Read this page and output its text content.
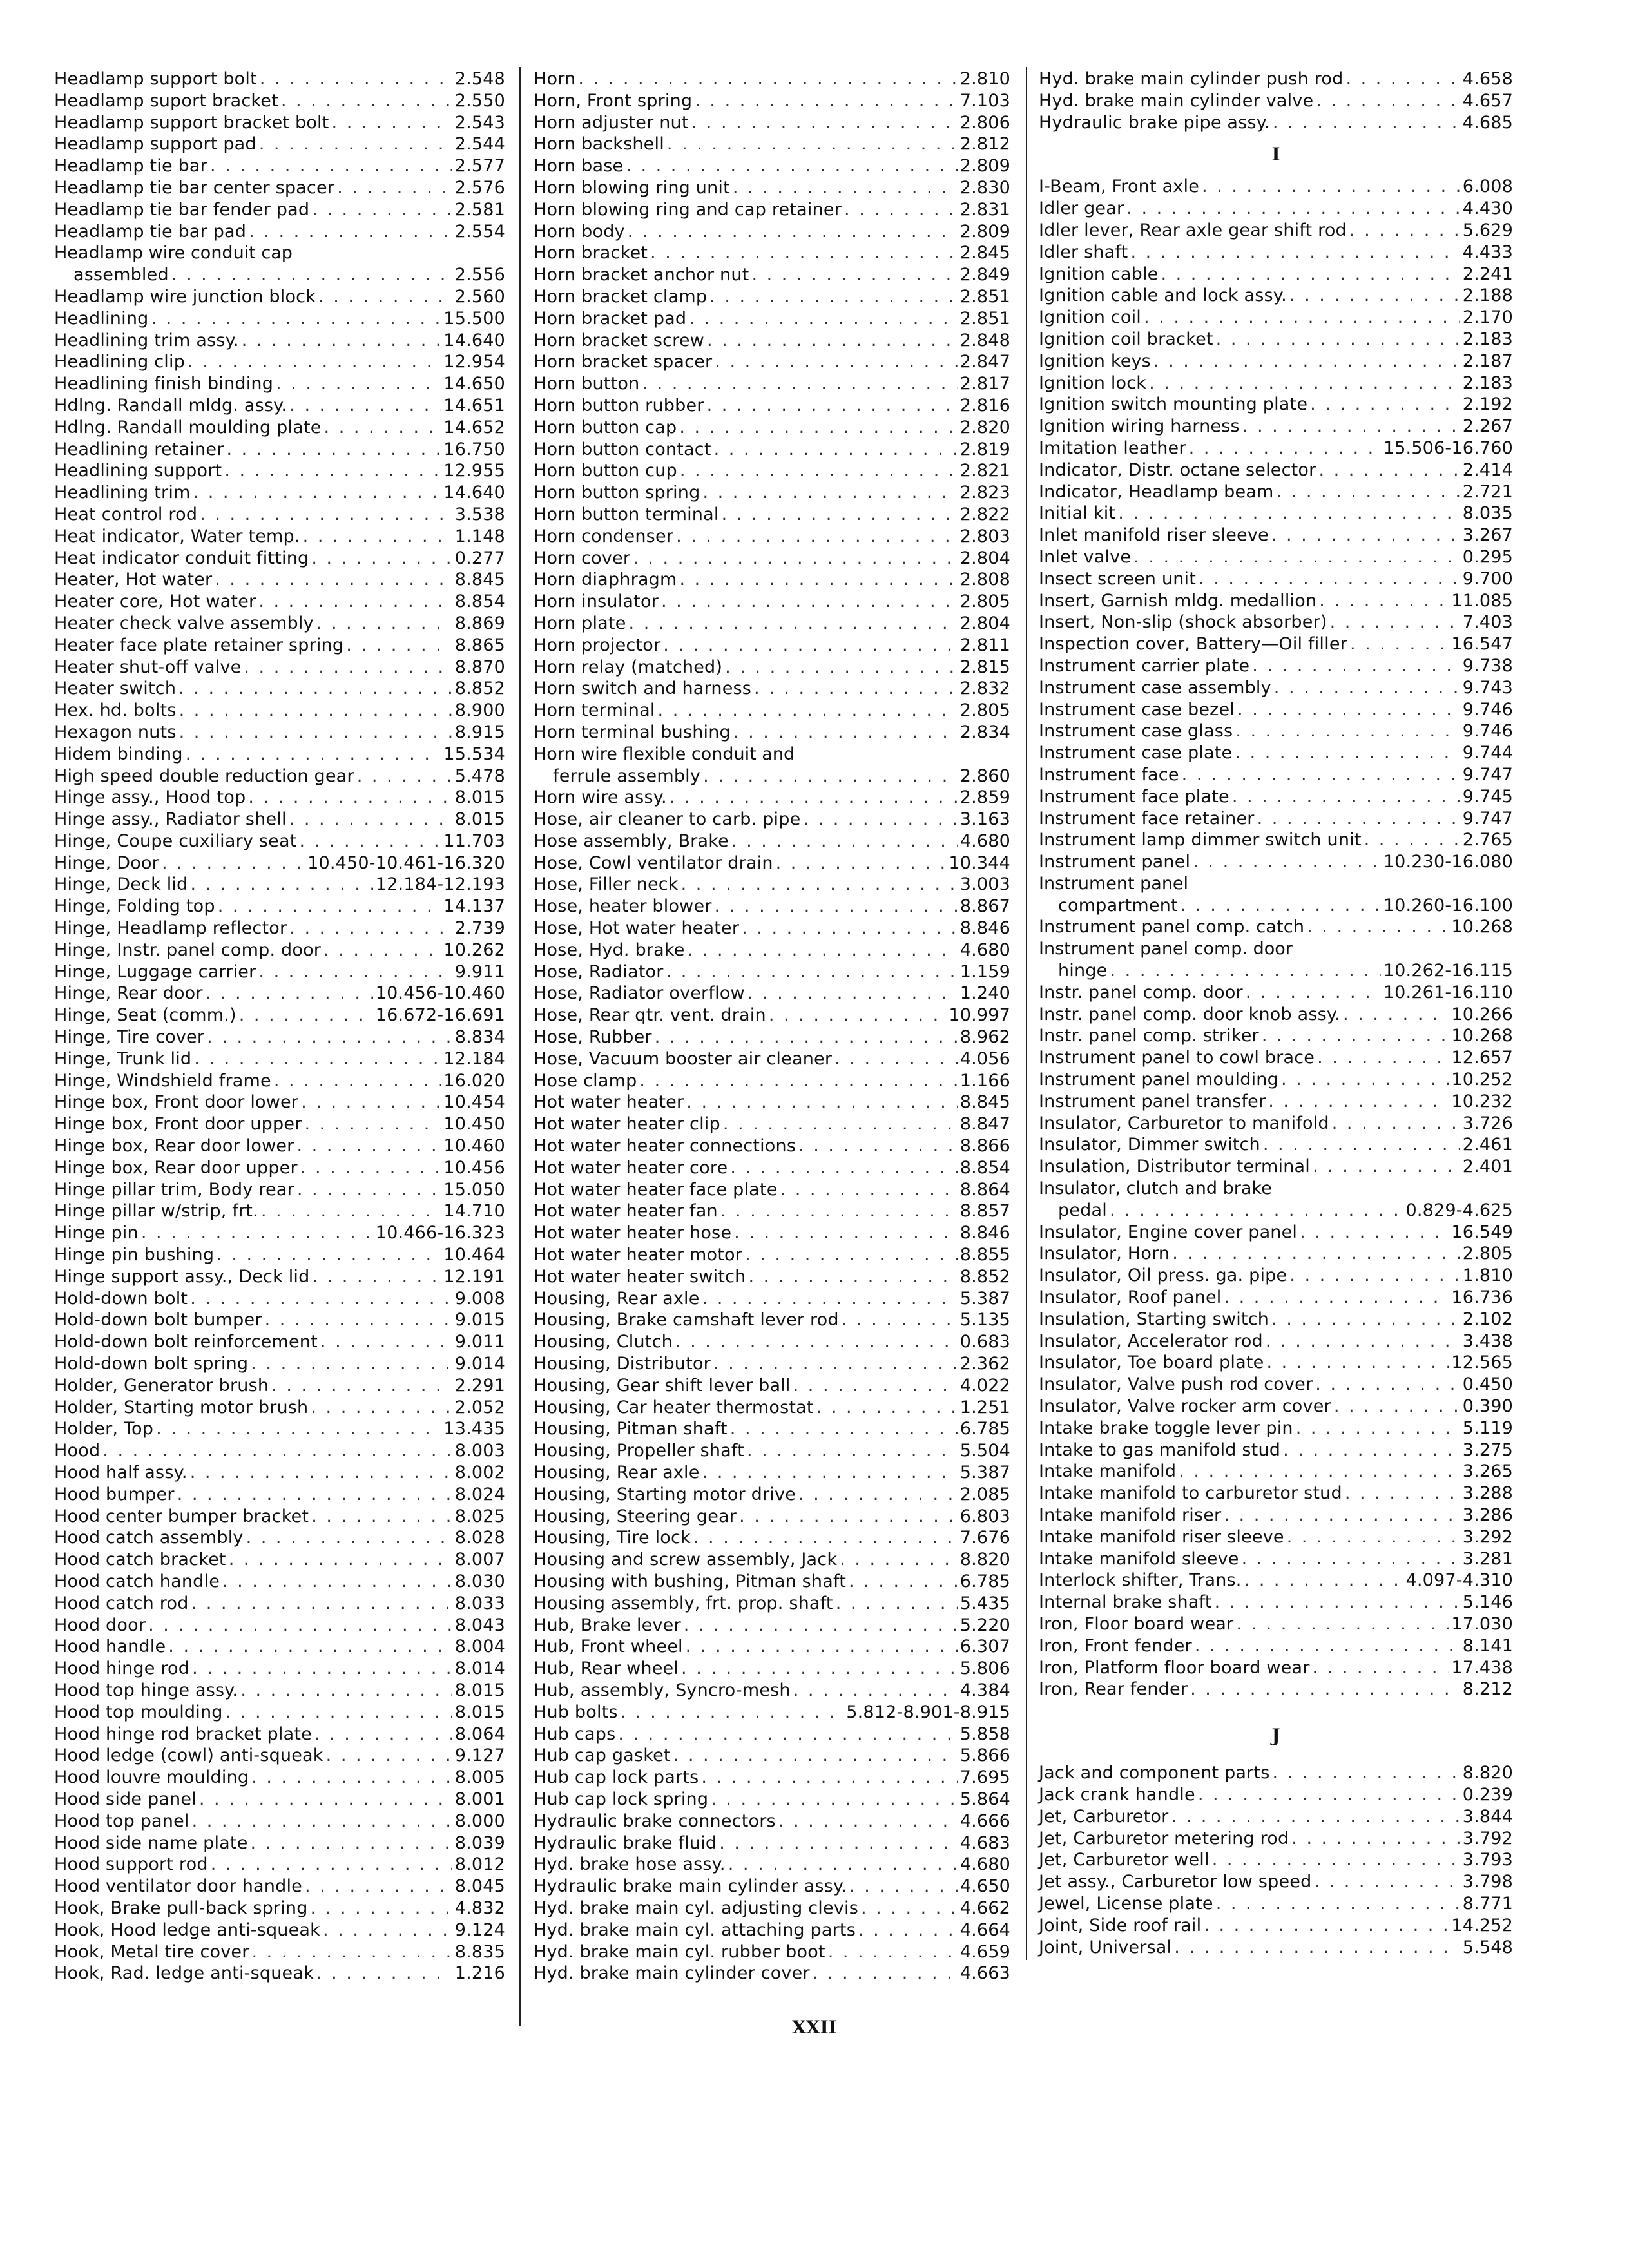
Headlamp support bolt . . .	2.548
Headlamp suport bracket . . .	2.550
Headlamp support bracket bolt . . .	2.543
Headlamp support pad . . .	2.544
Headlamp tie bar . . .	2.577
Headlamp tie bar center spacer . . .	2.576
Headlamp tie bar fender pad . . .	2.581
Headlamp tie bar pad . . .	2.554
Headlamp wire conduit cap
assembled . . .	2.556
Headlamp wire junction block . . .	2.560
Headlining . . .	15.500
Headlining trim assy. . . .	14.640
Headlining clip . . .	12.954
Headlining finish binding . . .	14.650
Hdlng. Randall mldg. assy. . . .	14.651
Hdlng. Randall moulding plate . . .	14.652
Headlining retainer . . .	16.750
Headlining support . . .	12.955
Headlining trim . . .	14.640
Heat control rod . . .	3.538
Heat indicator, Water temp. . . .	1.148
Heat indicator conduit fitting . . .	0.277
Heater, Hot water . . .	8.845
Heater core, Hot water . . .	8.854
Heater check valve assembly . . .	8.869
Heater face plate retainer spring . . .	8.865
Heater shut-off valve . . .	8.870
Heater switch . . .	8.852
Hex. hd. bolts . . .	8.900
Hexagon nuts . . .	8.915
Hidem binding . . .	15.534
High speed double reduction gear . . .	5.478
Hinge assy., Hood top . . .	8.015
Hinge assy., Radiator shell . . .	8.015
Hinge, Coupe cuxiliary seat . . .	11.703
Hinge, Door . . .	10.450-10.461-16.320
Hinge, Deck lid . . .	12.184-12.193
Hinge, Folding top . . .	14.137
Hinge, Headlamp reflector . . .	2.739
Hinge, Instr. panel comp. door . . .	10.262
Hinge, Luggage carrier . . .	9.911
Hinge, Rear door . . .	10.456-10.460
Hinge, Seat (comm.) . . .	16.672-16.691
Hinge, Tire cover . . .	8.834
Hinge, Trunk lid . . .	12.184
Hinge, Windshield frame . . .	16.020
Hinge box, Front door lower . . .	10.454
Hinge box, Front door upper . . .	10.450
Hinge box, Rear door lower . . .	10.460
Hinge box, Rear door upper . . .	10.456
Hinge pillar trim, Body rear . . .	15.050
Hinge pillar w/strip, frt. . . .	14.710
Hinge pin . . .	10.466-16.323
Hinge pin bushing . . .	10.464
Hinge support assy., Deck lid . . .	12.191
Hold-down bolt . . .	9.008
Hold-down bolt bumper . . .	9.015
Hold-down bolt reinforcement . . .	9.011
Hold-down bolt spring . . .	9.014
Holder, Generator brush . . .	2.291
Holder, Starting motor brush . . .	2.052
Holder, Top . . .	13.435
Hood . . .	8.003
Hood half assy. . . .	8.002
Hood bumper . . .	8.024
Hood center bumper bracket . . .	8.025
Hood catch assembly . . .	8.028
Hood catch bracket . . .	8.007
Hood catch handle . . .	8.030
Hood catch rod . . .	8.033
Hood door . . .	8.043
Hood handle . . .	8.004
Hood hinge rod . . .	8.014
Hood top hinge assy. . . .	8.015
Hood top moulding . . .	8.015
Hood hinge rod bracket plate . . .	8.064
Hood ledge (cowl) anti-squeak . . .	9.127
Hood louvre moulding . . .	8.005
Hood side panel . . .	8.001
Hood top panel . . .	8.000
Hood side name plate . . .	8.039
Hood support rod . . .	8.012
Hood ventilator door handle . . .	8.045
Hook, Brake pull-back spring . . .	4.832
Hook, Hood ledge anti-squeak . . .	9.124
Hook, Metal tire cover . . .	8.835
Hook, Rad. ledge anti-squeak . . .	1.216
Horn . . .	2.810
Horn, Front spring . . .	7.103
Horn adjuster nut . . .	2.806
Horn backshell . . .	2.812
Horn base . . .	2.809
Horn blowing ring unit . . .	2.830
Horn blowing ring and cap retainer . . .	2.831
Horn body . . .	2.809
Horn bracket . . .	2.845
Horn bracket anchor nut . . .	2.849
Horn bracket clamp . . .	2.851
Horn bracket pad . . .	2.851
Horn bracket screw . . .	2.848
Horn bracket spacer . . .	2.847
Horn button . . .	2.817
Horn button rubber . . .	2.816
Horn button cap . . .	2.820
Horn button contact . . .	2.819
Horn button cup . . .	2.821
Horn button spring . . .	2.823
Horn button terminal . . .	2.822
Horn condenser . . .	2.803
Horn cover . . .	2.804
Horn diaphragm . . .	2.808
Horn insulator . . .	2.805
Horn plate . . .	2.804
Horn projector . . .	2.811
Horn relay (matched) . . .	2.815
Horn switch and harness . . .	2.832
Horn terminal . . .	2.805
Horn terminal bushing . . .	2.834
Horn wire flexible conduit and
ferrule assembly . . .	2.860
Horn wire assy. . . .	2.859
Hose, air cleaner to carb. pipe . . .	3.163
Hose assembly, Brake . . .	4.680
Hose, Cowl ventilator drain . . .	10.344
Hose, Filler neck . . .	3.003
Hose, heater blower . . .	8.867
Hose, Hot water heater . . .	8.846
Hose, Hyd. brake . . .	4.680
Hose, Radiator . . .	1.159
Hose, Radiator overflow . . .	1.240
Hose, Rear qtr. vent. drain . . .	10.997
Hose, Rubber . . .	8.962
Hose, Vacuum booster air cleaner . . .	4.056
Hose clamp . . .	1.166
Hot water heater . . .	8.845
Hot water heater clip . . .	8.847
Hot water heater connections . . .	8.866
Hot water heater core . . .	8.854
Hot water heater face plate . . .	8.864
Hot water heater fan . . .	8.857
Hot water heater hose . . .	8.846
Hot water heater motor . . .	8.855
Hot water heater switch . . .	8.852
Housing, Rear axle . . .	5.387
Housing, Brake camshaft lever rod . . .	5.135
Housing, Clutch . . .	0.683
Housing, Distributor . . .	2.362
Housing, Gear shift lever ball . . .	4.022
Housing, Car heater thermostat . . .	1.251
Housing, Pitman shaft . . .	6.785
Housing, Propeller shaft . . .	5.504
Housing, Rear axle . . .	5.387
Housing, Starting motor drive . . .	2.085
Housing, Steering gear . . .	6.803
Housing, Tire lock . . .	7.676
Housing and screw assembly, Jack . . .	8.820
Housing with bushing, Pitman shaft . . .	6.785
Housing assembly, frt. prop. shaft . . .	5.435
Hub, Brake lever . . .	5.220
Hub, Front wheel . . .	6.307
Hub, Rear wheel . . .	5.806
Hub, assembly, Syncro-mesh . . .	4.384
Hub bolts . . .	5.812-8.901-8.915
Hub caps . . .	5.858
Hub cap gasket . . .	5.866
Hub cap lock parts . . .	7.695
Hub cap lock spring . . .	5.864
Hydraulic brake connectors . . .	4.666
Hydraulic brake fluid . . .	4.683
Hyd. brake hose assy. . . .	4.680
Hydraulic brake main cylinder assy. . . .	4.650
Hyd. brake main cyl. adjusting clevis . . .	4.662
Hyd. brake main cyl. attaching parts . . .	4.664
Hyd. brake main cyl. rubber boot . . .	4.659
Hyd. brake main cylinder cover . . .	4.663
Hyd. brake main cylinder push rod . . .	4.658
Hyd. brake main cylinder valve . . .	4.657
Hydraulic brake pipe assy. . . .	4.685
I
I-Beam, Front axle . . .	6.008
Idler gear . . .	4.430
Idler lever, Rear axle gear shift rod . . .	5.629
Idler shaft . . .	4.433
Ignition cable . . .	2.241
Ignition cable and lock assy. . . .	2.188
Ignition coil . . .	2.170
Ignition coil bracket . . .	2.183
Ignition keys . . .	2.187
Ignition lock . . .	2.183
Ignition switch mounting plate . . .	2.192
Ignition wiring harness . . .	2.267
Imitation leather . . .	15.506-16.760
Indicator, Distr. octane selector . . .	2.414
Indicator, Headlamp beam . . .	2.721
Initial kit . . .	8.035
Inlet manifold riser sleeve . . .	3.267
Inlet valve . . .	0.295
Insect screen unit . . .	9.700
Insert, Garnish mldg. medallion . . .	11.085
Insert, Non-slip (shock absorber) . . .	7.403
Inspection cover, Battery—Oil filler . . .	16.547
Instrument carrier plate . . .	9.738
Instrument case assembly . . .	9.743
Instrument case bezel . . .	9.746
Instrument case glass . . .	9.746
Instrument case plate . . .	9.744
Instrument face . . .	9.747
Instrument face plate . . .	9.745
Instrument face retainer . . .	9.747
Instrument lamp dimmer switch unit . . .	2.765
Instrument panel . . .	10.230-16.080
Instrument panel
compartment . . .	10.260-16.100
Instrument panel comp. catch . . .	10.268
Instrument panel comp. door
hinge . . .	10.262-16.115
Instr. panel comp. door . . .	10.261-16.110
Instr. panel comp. door knob assy. . . .	10.266
Instr. panel comp. striker . . .	10.268
Instrument panel to cowl brace . . .	12.657
Instrument panel moulding . . .	10.252
Instrument panel transfer . . .	10.232
Insulator, Carburetor to manifold . . .	3.726
Insulator, Dimmer switch . . .	2.461
Insulation, Distributor terminal . . .	2.401
Insulator, clutch and brake
pedal . . .	0.829-4.625
Insulator, Engine cover panel . . .	16.549
Insulator, Horn . . .	2.805
Insulator, Oil press. ga. pipe . . .	1.810
Insulator, Roof panel . . .	16.736
Insulation, Starting switch . . .	2.102
Insulator, Accelerator rod . . .	3.438
Insulator, Toe board plate . . .	12.565
Insulator, Valve push rod cover . . .	0.450
Insulator, Valve rocker arm cover . . .	0.390
Intake brake toggle lever pin . . .	5.119
Intake to gas manifold stud . . .	3.275
Intake manifold . . .	3.265
Intake manifold to carburetor stud . . .	3.288
Intake manifold riser . . .	3.286
Intake manifold riser sleeve . . .	3.292
Intake manifold sleeve . . .	3.281
Interlock shifter, Trans. . . .	4.097-4.310
Internal brake shaft . . .	5.146
Iron, Floor board wear . . .	17.030
Iron, Front fender . . .	8.141
Iron, Platform floor board wear . . .	17.438
Iron, Rear fender . . .	8.212
J
Jack and component parts . . .	8.820
Jack crank handle . . .	0.239
Jet, Carburetor . . .	3.844
Jet, Carburetor metering rod . . .	3.792
Jet, Carburetor well . . .	3.793
Jet assy., Carburetor low speed . . .	3.798
Jewel, License plate . . .	8.771
Joint, Side roof rail . . .	14.252
Joint, Universal . . .	5.548
XXII
